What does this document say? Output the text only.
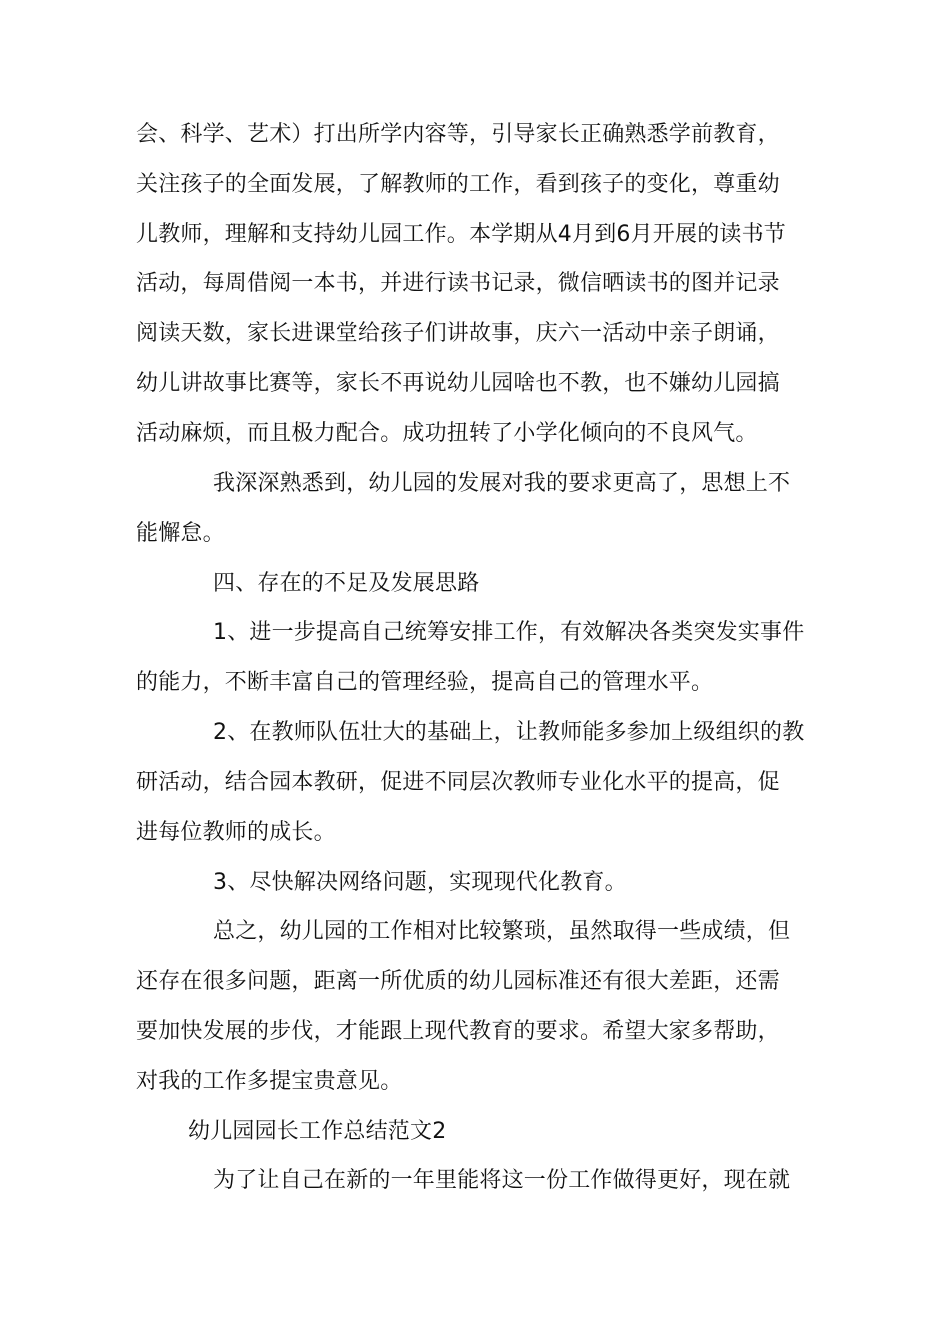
会、科学、艺术）打出所学内容等，引导家长正确熟悉学前教育，
关注孩子的全面发展，了解教师的工作，看到孩子的变化，尊重幼
儿教师，理解和支持幼儿园工作。本学期从4月到6月开展的读书节
活动，每周借阅一本书，并进行读书记录，微信晒读书的图并记录
阅读天数，家长进课堂给孩子们讲故事，庆六一活动中亲子朗诵，
幼儿讲故事比赛等，家长不再说幼儿园啥也不教，也不嫌幼儿园搞
活动麻烦，而且极力配合。成功扭转了小学化倾向的不良风气。
我深深熟悉到，幼儿园的发展对我的要求更高了，思想上不
能懈怠。
四、存在的不足及发展思路
1、进一步提高自己统筹安排工作，有效解决各类突发实事件
的能力，不断丰富自己的管理经验，提高自己的管理水平。
2、在教师队伍壮大的基础上，让教师能多参加上级组织的教
研活动，结合园本教研，促进不同层次教师专业化水平的提高，促
进每位教师的成长。
3、尽快解决网络问题，实现现代化教育。
总之，幼儿园的工作相对比较繁琐，虽然取得一些成绩，但
还存在很多问题，距离一所优质的幼儿园标准还有很大差距，还需
要加快发展的步伐，才能跟上现代教育的要求。希望大家多帮助，
对我的工作多提宝贵意见。
幼儿园园长工作总结范文2
为了让自己在新的一年里能将这一份工作做得更好，现在就
